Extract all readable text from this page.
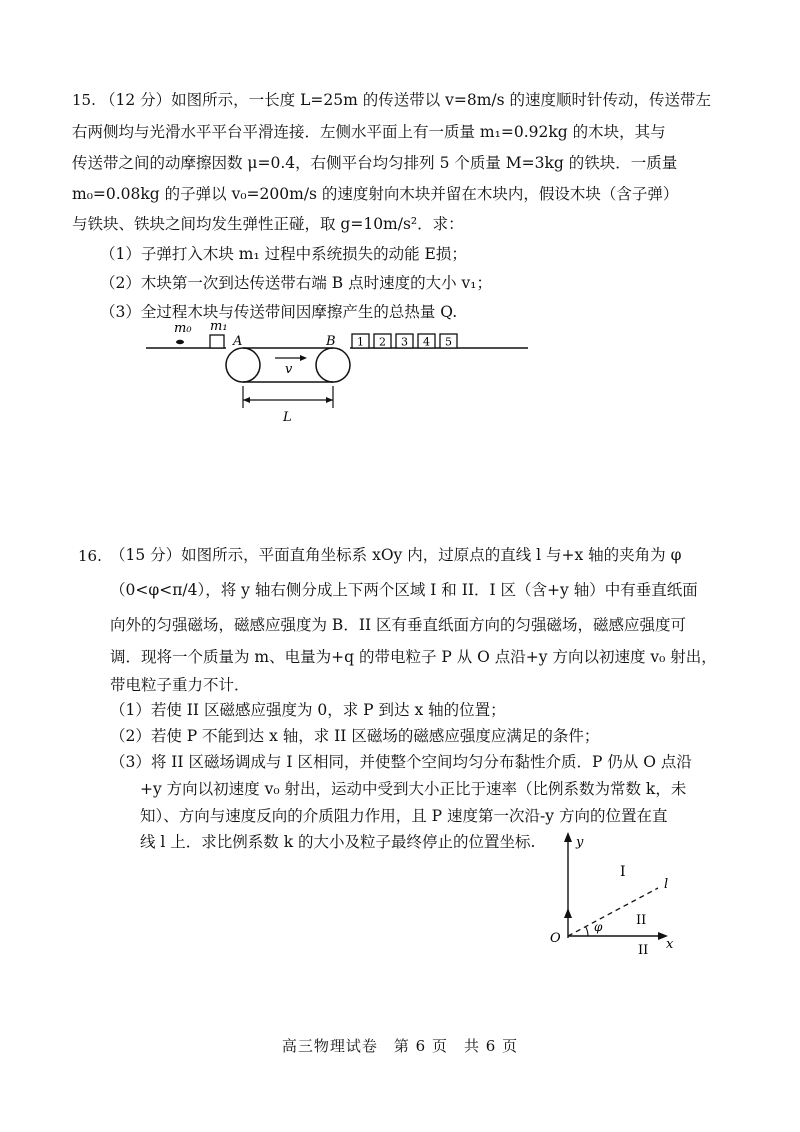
15. （12 分）如图所示，一长度 L=25m 的传送带以 v=8m/s 的速度顺时针传动，传送带左
右两侧均与光滑水平平台平滑连接．左侧水平面上有一质量 m₁=0.92kg 的木块，其与
传送带之间的动摩擦因数 μ=0.4，右侧平台均匀排列 5 个质量 M=3kg 的铁块．一质量
m₀=0.08kg 的子弹以 v₀=200m/s 的速度射向木块并留在木块内，假设木块（含子弹）
与铁块、铁块之间均发生弹性正碰，取 g=10m/s²．求：
（1）子弹打入木块 m₁ 过程中系统损失的动能 E损；
（2）木块第一次到达传送带右端 B 点时速度的大小 v₁；
（3）全过程木块与传送带间因摩擦产生的总热量 Q.
m₀ m₁
A	B
v
L
1 2 3 4 5
16. （15 分）如图所示，平面直角坐标系 xOy 内，过原点的直线 l 与+x 轴的夹角为 φ
（0<φ<π/4），将 y 轴右侧分成上下两个区域 I 和 II．I 区（含+y 轴）中有垂直纸面
向外的匀强磁场，磁感应强度为 B．II 区有垂直纸面方向的匀强磁场，磁感应强度可
调．现将一个质量为 m、电量为+q 的带电粒子 P 从 O 点沿+y 方向以初速度 v₀ 射出，
带电粒子重力不计．
（1）若使 II 区磁感应强度为 0，求 P 到达 x 轴的位置；
（2）若使 P 不能到达 x 轴，求 II 区磁场的磁感应强度应满足的条件；
（3）将 II 区磁场调成与 I 区相同，并使整个空间均匀分布黏性介质．P 仍从 O 点沿
+y 方向以初速度 v₀ 射出，运动中受到大小正比于速率（比例系数为常数 k，未
知）、方向与速度反向的介质阻力作用，且 P 速度第一次沿-y 方向的位置在直
线 l 上．求比例系数 k 的大小及粒子最终停止的位置坐标.	y
x
O
l
φ
I
II
II
高三物理试卷　第 6 页　共 6 页
